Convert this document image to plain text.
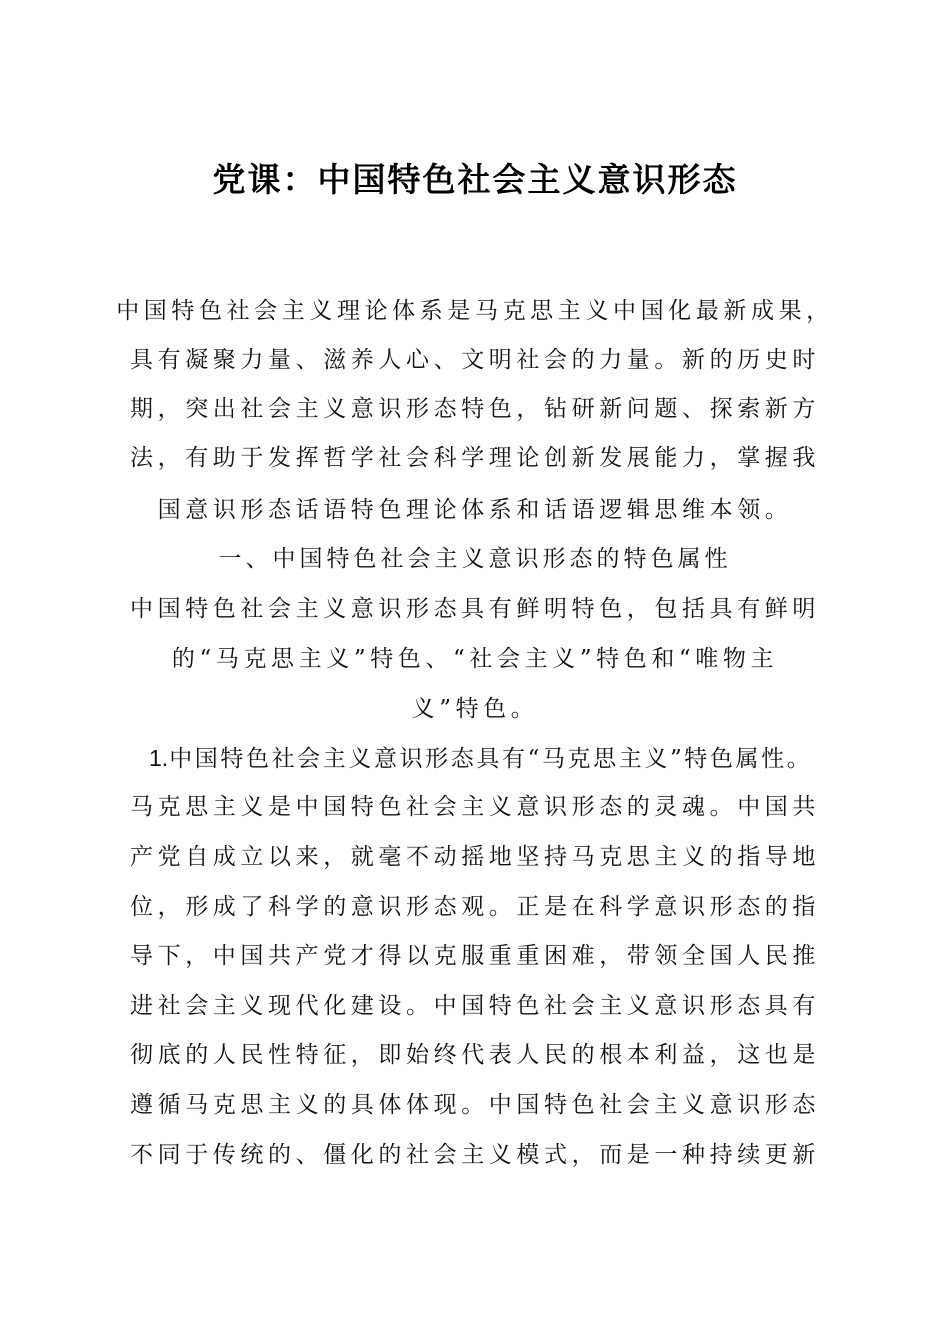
党课：中国特色社会主义意识形态
中国特色社会主义理论体系是马克思主义中国化最新成果，
具有凝聚力量、滋养人心、文明社会的力量。新的历史时
期，突出社会主义意识形态特色，钻研新问题、探索新方
法，有助于发挥哲学社会科学理论创新发展能力，掌握我
国意识形态话语特色理论体系和话语逻辑思维本领。
一、中国特色社会主义意识形态的特色属性
中国特色社会主义意识形态具有鲜明特色，包括具有鲜明
的“马克思主义”特色、“社会主义”特色和“唯物主
义”特色。
1.中国特色社会主义意识形态具有“马克思主义”特色属性。
马克思主义是中国特色社会主义意识形态的灵魂。中国共
产党自成立以来，就毫不动摇地坚持马克思主义的指导地
位，形成了科学的意识形态观。正是在科学意识形态的指
导下，中国共产党才得以克服重重困难，带领全国人民推
进社会主义现代化建设。中国特色社会主义意识形态具有
彻底的人民性特征，即始终代表人民的根本利益，这也是
遵循马克思主义的具体体现。中国特色社会主义意识形态
不同于传统的、僵化的社会主义模式，而是一种持续更新
